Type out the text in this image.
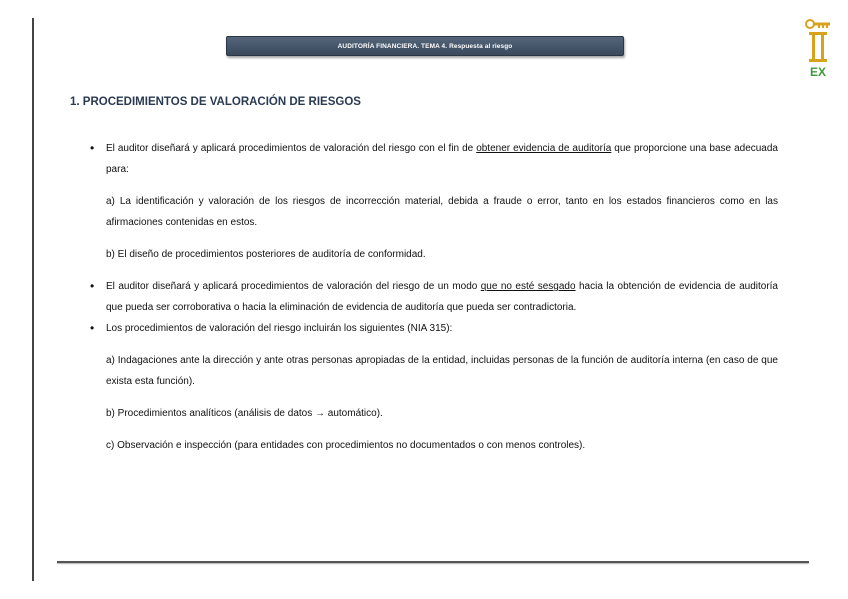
AUDITORÍA FINANCIERA. TEMA 4. Respuesta al riesgo
EX
1. PROCEDIMIENTOS DE VALORACIÓN DE RIESGOS
• El auditor diseñará y aplicará procedimientos de valoración del riesgo con el fin de obtener evidencia de auditoría que proporcione una base adecuada para:
a) La identificación y valoración de los riesgos de incorrección material, debida a fraude o error, tanto en los estados financieros como en las afirmaciones contenidas en estos.
b) El diseño de procedimientos posteriores de auditoría de conformidad.
• El auditor diseñará y aplicará procedimientos de valoración del riesgo de un modo que no esté sesgado hacia la obtención de evidencia de auditoría que pueda ser corroborativa o hacia la eliminación de evidencia de auditoría que pueda ser contradictoria.
• Los procedimientos de valoración del riesgo incluirán los siguientes (NIA 315):
a) Indagaciones ante la dirección y ante otras personas apropiadas de la entidad, incluidas personas de la función de auditoría interna (en caso de que exista esta función).
b) Procedimientos analíticos (análisis de datos → automático).
c) Observación e inspección (para entidades con procedimientos no documentados o con menos controles).
